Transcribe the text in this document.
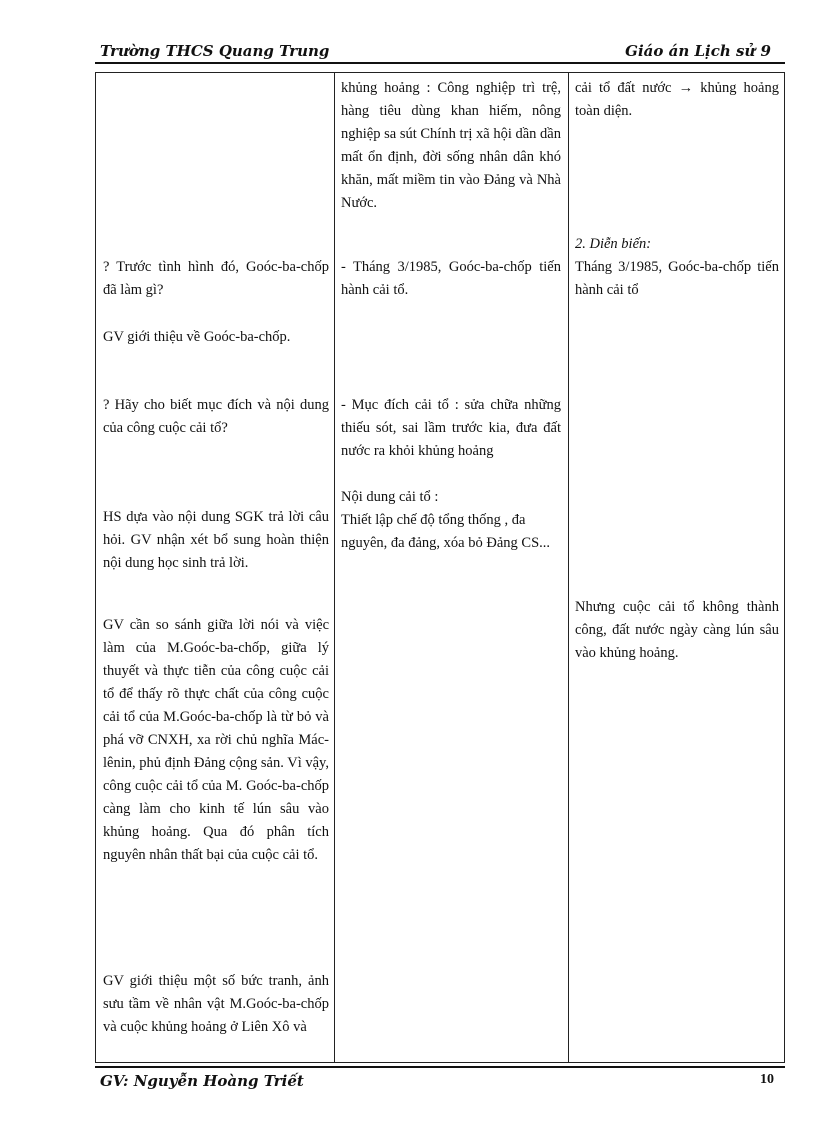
Trường THCS Quang Trung	Giáo án Lịch sử 9

? Trước tình hình đó, Goóc-ba-chốp đã làm gì?

GV giới thiệu về Goóc-ba-chốp.

? Hãy cho biết mục đích và nội dung của công cuộc cải tổ?

HS dựa vào nội dung SGK trả lời câu hỏi. GV nhận xét bổ sung hoàn thiện nội dung học sinh trả lời.

GV cần so sánh giữa lời nói và việc làm của M.Goóc-ba-chốp, giữa lý thuyết và thực tiễn của công cuộc cải tổ để thấy rõ thực chất của công cuộc cải tổ của M.Goóc-ba-chốp là từ bỏ và phá vỡ CNXH, xa rời chủ nghĩa Mác-lênin, phủ định Đảng cộng sản. Vì vậy, công cuộc cải tổ của M. Goóc-ba-chốp càng làm cho kinh tế lún sâu vào khủng hoảng. Qua đó phân tích nguyên nhân thất bại của cuộc cải tổ.

GV giới thiệu một số bức tranh, ảnh sưu tầm về nhân vật M.Goóc-ba-chốp và cuộc khủng hoảng ở Liên Xô và

khủng hoảng : Công nghiệp trì trệ, hàng tiêu dùng khan hiếm, nông nghiệp sa sút Chính trị xã hội dần dần mất ổn định, đời sống nhân dân khó khăn, mất miềm tin vào Đảng và Nhà Nước.

- Tháng 3/1985, Goóc-ba-chốp tiến hành cải tổ.

- Mục đích cải tổ : sửa chữa những thiếu sót, sai lầm trước kia, đưa đất nước ra khỏi khủng hoảng

Nội dung cải tổ :

Thiết lập chế độ tổng thống , đa nguyên, đa đảng, xóa bỏ Đảng CS...

cải tổ đất nước → khủng hoảng toàn diện.

2. Diễn biến:

Tháng 3/1985, Goóc-ba-chốp tiến hành cải tổ

Nhưng cuộc cải tổ không thành công, đất nước ngày càng lún sâu vào khủng hoảng.

GV: Nguyễn Hoàng Triết	10
